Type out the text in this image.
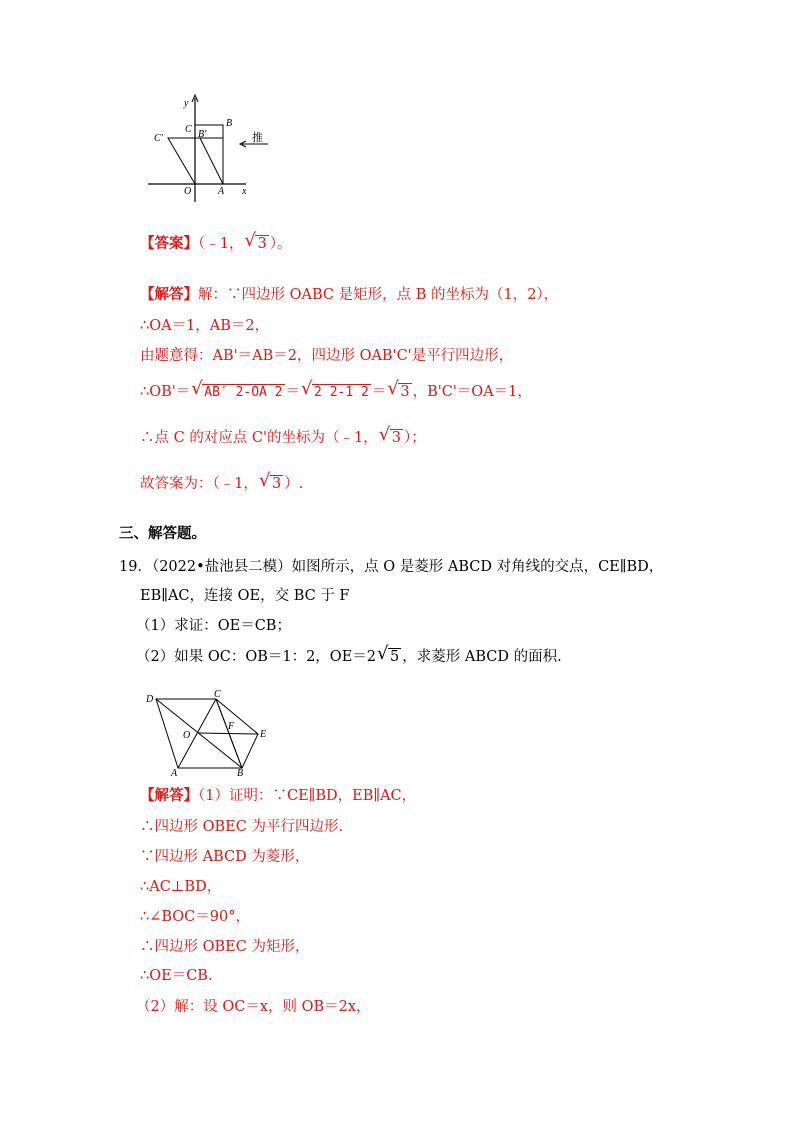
y
C B'
B
C'	推
O	A x
【答案】（﹣1， √ 3 ）。
【解答】解：∵四边形 OABC 是矩形，点 B 的坐标为（1，2），
∴OA＝1，AB＝2，
由题意得：AB'＝AB＝2，四边形 OAB'C'是平行四边形，
∴OB'＝ √ AB′ 2-OA 2 ＝ √ 2 2-1 2 ＝ √ 3 ，B'C'＝OA＝1，
∴点 C 的对应点 C'的坐标为（﹣1， √ 3 ）；
故答案为：（﹣1， √ 3 ）.
三、解答题。
19．（2022•盐池县二模）如图所示，点 O 是菱形 ABCD 对角线的交点，CE∥BD，
EB∥AC，连接 OE，交 BC 于 F
（1）求证：OE＝CB；
（2）如果 OC：OB＝1：2，OE＝2 √ 5 ，求菱形 ABCD 的面积.
D	C
F
O	E
A	B
【解答】（1）证明：∵CE∥BD，EB∥AC，
∴四边形 OBEC 为平行四边形.
∵四边形 ABCD 为菱形，
∴AC⊥BD，
∴∠BOC＝90°，
∴四边形 OBEC 为矩形，
∴OE＝CB.
（2）解：设 OC＝x，则 OB＝2x，
